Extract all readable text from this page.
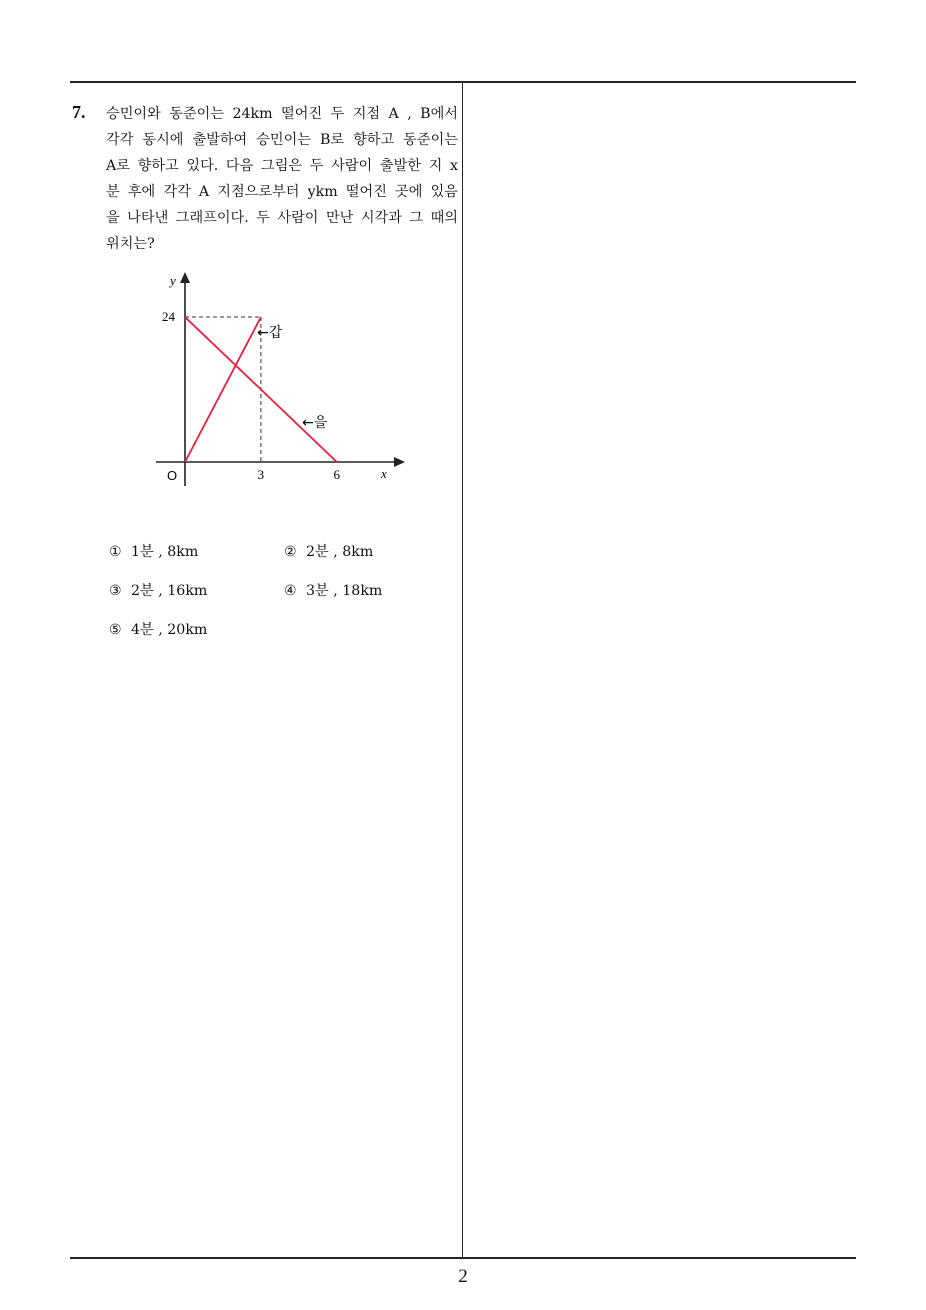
2
7. 승민이와 동준이는 24km 떨어진 두 지점 A , B에서
각각 동시에 출발하여 승민이는 B로 향하고 동준이는
A로 향하고 있다. 다음 그림은 두 사람이 출발한 지 x
분 후에 각각 A 지점으로부터 ykm 떨어진 곳에 있음
을 나타낸 그래프이다. 두 사람이 만난 시각과 그 때의
위치는?

y
x
O
24
3	6
←갑
←을
① 1분 , 8km	② 2분 , 8km
③ 2분 , 16km	④ 3분 , 18km
⑤ 4분 , 20km
